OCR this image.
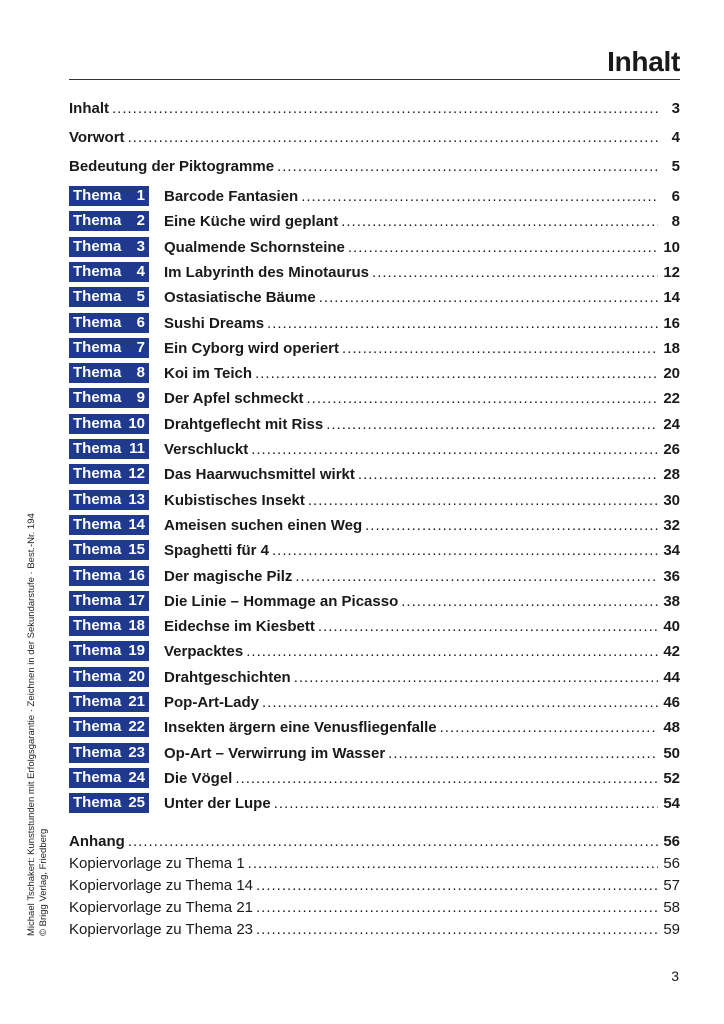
Inhalt
Inhalt .....	3
Vorwort .....	4
Bedeutung der Piktogramme .....	5
Thema 1 Barcode Fantasien .....	6
Thema 2 Eine Küche wird geplant .....	8
Thema 3 Qualmende Schornsteine .....	10
Thema 4 Im Labyrinth des Minotaurus .....	12
Thema 5 Ostasiatische Bäume .....	14
Thema 6 Sushi Dreams .....	16
Thema 7 Ein Cyborg wird operiert .....	18
Thema 8 Koi im Teich .....	20
Thema 9 Der Apfel schmeckt .....	22
Thema 10 Drahtgeflecht mit Riss .....	24
Thema 11 Verschluckt .....	26
Thema 12 Das Haarwuchsmittel wirkt .....	28
Thema 13 Kubistisches Insekt .....	30
Thema 14 Ameisen suchen einen Weg .....	32
Thema 15 Spaghetti für 4 .....	34
Thema 16 Der magische Pilz .....	36
Thema 17 Die Linie – Hommage an Picasso .....	38
Thema 18 Eidechse im Kiesbett .....	40
Thema 19 Verpacktes .....	42
Thema 20 Drahtgeschichten .....	44
Thema 21 Pop-Art-Lady .....	46
Thema 22 Insekten ärgern eine Venusfliegenfalle .....	48
Thema 23 Op-Art – Verwirrung im Wasser .....	50
Thema 24 Die Vögel .....	52
Thema 25 Unter der Lupe .....	54
Anhang .....	56
Kopiervorlage zu Thema 1 .....	56
Kopiervorlage zu Thema 14 .....	57
Kopiervorlage zu Thema 21 .....	58
Kopiervorlage zu Thema 23 .....	59
Michael Tschakert: Kunststunden mit Erfolgsgarantie · Zeichnen in der Sekundarstufe · Best.-Nr. 194 © Brigg Verlag, Friedberg
3
